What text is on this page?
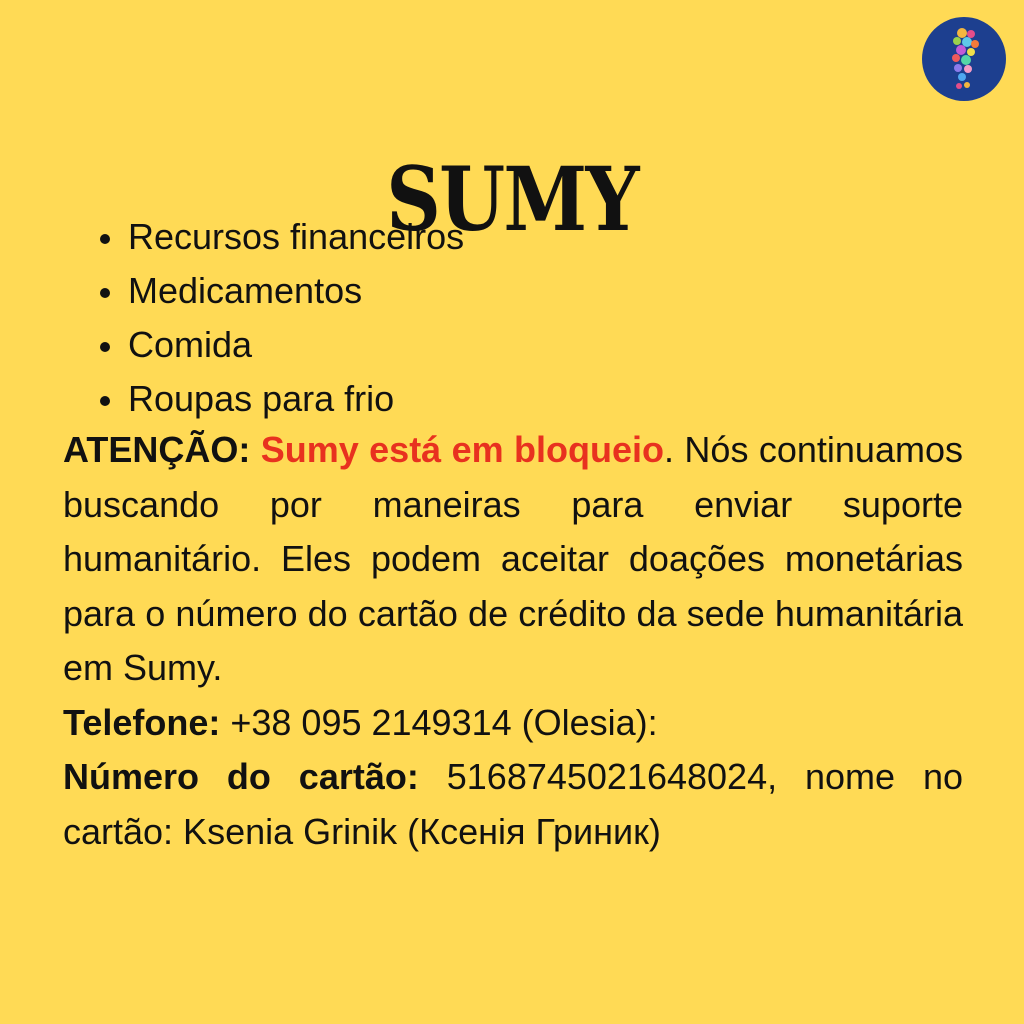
SUMY
Recursos financeiros
Medicamentos
Comida
Roupas para frio

ATENÇÃO: Sumy está em bloqueio. Nós continuamos buscando por maneiras para enviar suporte humanitário. Eles podem aceitar doações monetárias para o número do cartão de crédito da sede humanitária em Sumy.

Telefone: +38 095 2149314 (Olesia):

Número do cartão: 5168745021648024, nome no cartão: Ksenia Grinik (Ксенія Гриник)
